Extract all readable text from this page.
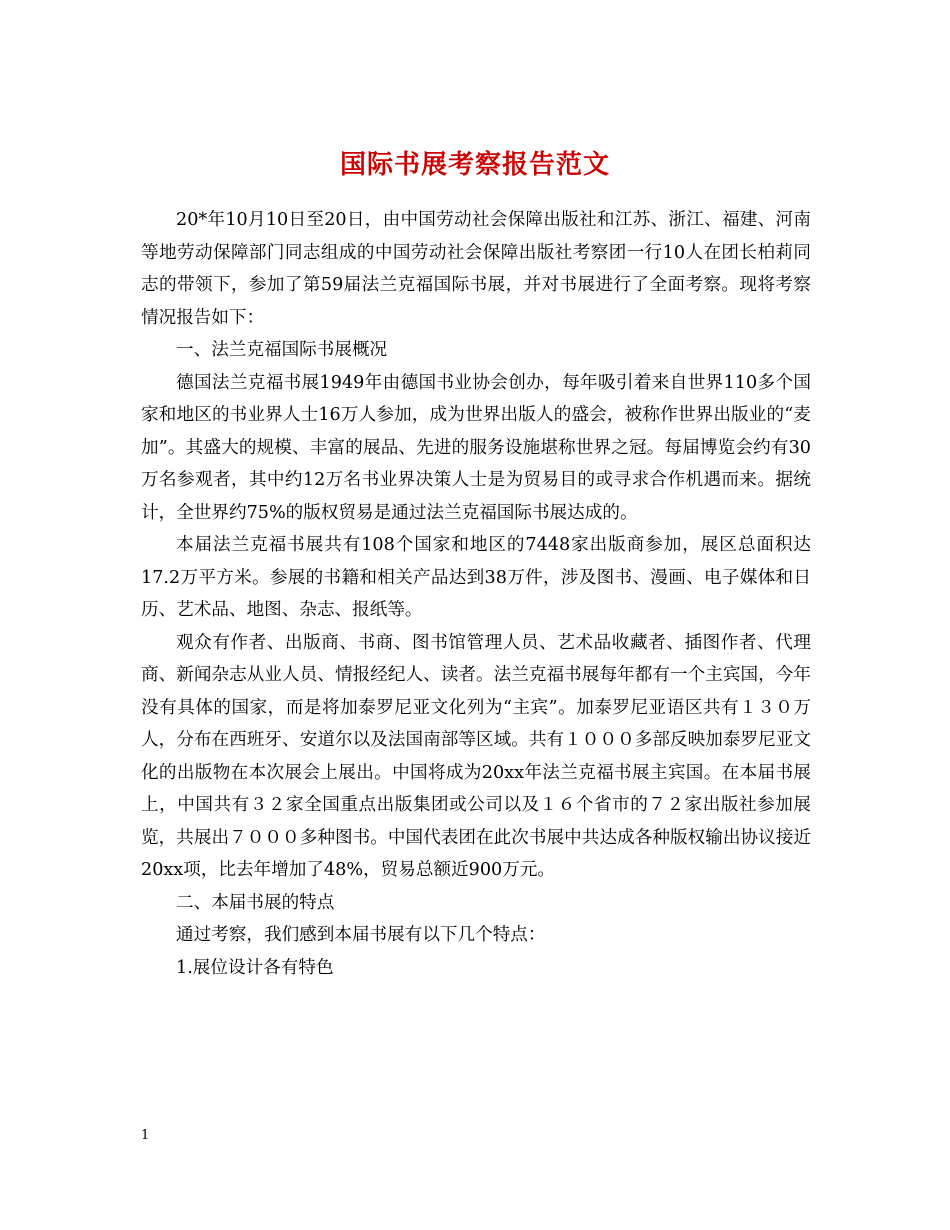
国际书展考察报告范文

20*年10月10日至20日，由中国劳动社会保障出版社和江苏、浙江、福建、河南等地劳动保障部门同志组成的中国劳动社会保障出版社考察团一行10人在团长柏莉同志的带领下，参加了第59届法兰克福国际书展，并对书展进行了全面考察。现将考察情况报告如下：

一、法兰克福国际书展概况

德国法兰克福书展1949年由德国书业协会创办，每年吸引着来自世界110多个国家和地区的书业界人士16万人参加，成为世界出版人的盛会，被称作世界出版业的“麦加”。其盛大的规模、丰富的展品、先进的服务设施堪称世界之冠。每届博览会约有30万名参观者，其中约12万名书业界决策人士是为贸易目的或寻求合作机遇而来。据统计，全世界约75%的版权贸易是通过法兰克福国际书展达成的。

本届法兰克福书展共有108个国家和地区的7448家出版商参加，展区总面积达17.2万平方米。参展的书籍和相关产品达到38万件，涉及图书、漫画、电子媒体和日历、艺术品、地图、杂志、报纸等。

观众有作者、出版商、书商、图书馆管理人员、艺术品收藏者、插图作者、代理商、新闻杂志从业人员、情报经纪人、读者。法兰克福书展每年都有一个主宾国，今年没有具体的国家，而是将加泰罗尼亚文化列为“主宾”。加泰罗尼亚语区共有１３０万人，分布在西班牙、安道尔以及法国南部等区域。共有１０００多部反映加泰罗尼亚文化的出版物在本次展会上展出。中国将成为20xx年法兰克福书展主宾国。在本届书展上，中国共有３２家全国重点出版集团或公司以及１６个省市的７２家出版社参加展览，共展出７０００多种图书。中国代表团在此次书展中共达成各种版权输出协议接近20xx项，比去年增加了48%，贸易总额近900万元。

二、本届书展的特点

通过考察，我们感到本届书展有以下几个特点：

1.展位设计各有特色

1
